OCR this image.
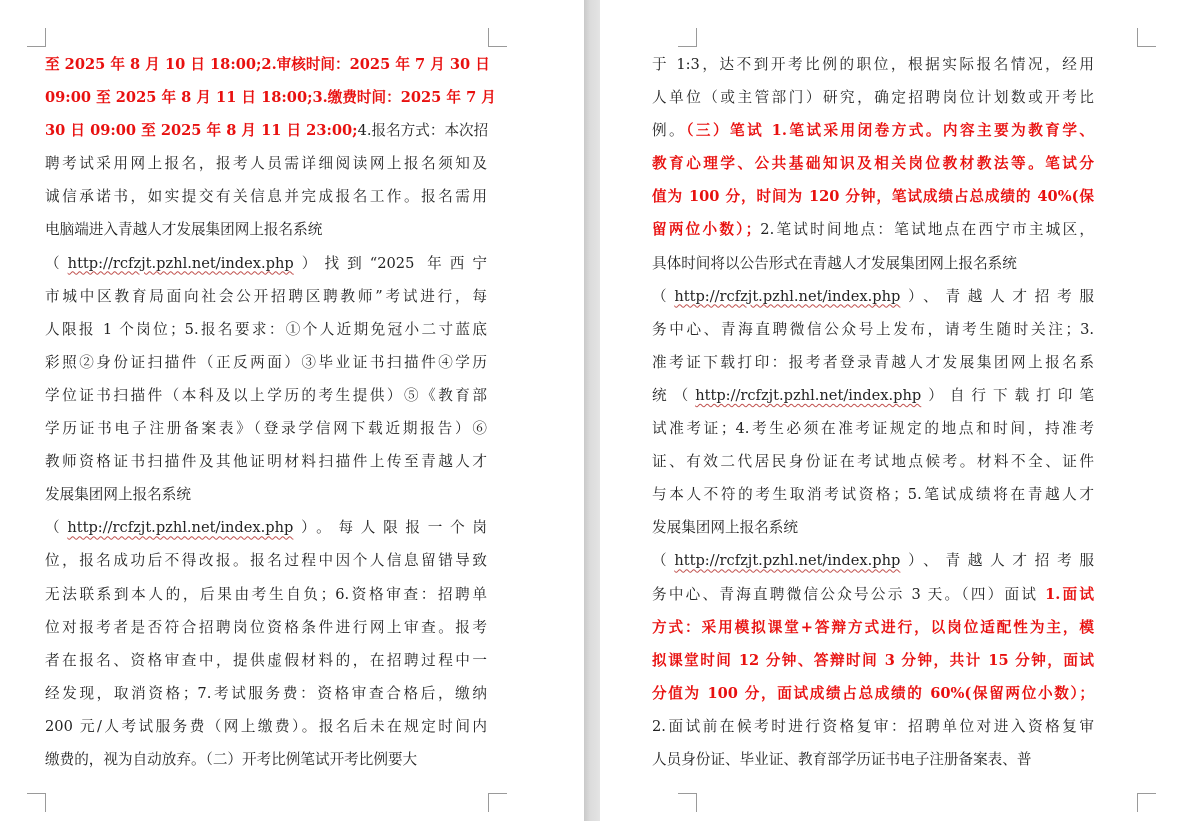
至 2025 年 8 月 10 日 18:00;2.审核时间：2025 年 7 月 30 日
09:00 至 2025 年 8 月 11 日 18:00;3.缴费时间：2025 年 7 月
30 日 09:00 至 2025 年 8 月 11 日 23:00;4.报名方式：本次招
聘考试采用网上报名，报考人员需详细阅读网上报名须知及
诚信承诺书，如实提交有关信息并完成报名工作。报名需用
电脑端进入青越人才发展集团网上报名系统
（http://rcfzjt.pzhl.net/index.php）找到“2025 年西宁
市城中区教育局面向社会公开招聘区聘教师”考试进行，每
人限报 1 个岗位；5.报名要求：①个人近期免冠小二寸蓝底
彩照②身份证扫描件（正反两面）③毕业证书扫描件④学历
学位证书扫描件（本科及以上学历的考生提供）⑤《教育部
学历证书电子注册备案表》（登录学信网下载近期报告）⑥
教师资格证书扫描件及其他证明材料扫描件上传至青越人才
发展集团网上报名系统
（http://rcfzjt.pzhl.net/index.php）。每人限报一个岗
位，报名成功后不得改报。报名过程中因个人信息留错导致
无法联系到本人的，后果由考生自负；6.资格审查：招聘单
位对报考者是否符合招聘岗位资格条件进行网上审查。报考
者在报名、资格审查中，提供虚假材料的，在招聘过程中一
经发现，取消资格；7.考试服务费：资格审查合格后，缴纳
200 元/人考试服务费（网上缴费）。报名后未在规定时间内
缴费的，视为自动放弃。（二）开考比例笔试开考比例要大
于 1:3，达不到开考比例的职位，根据实际报名情况，经用
人单位（或主管部门）研究，确定招聘岗位计划数或开考比
例。（三）笔试 1.笔试采用闭卷方式。内容主要为教育学、
教育心理学、公共基础知识及相关岗位教材教法等。笔试分
值为 100 分，时间为 120 分钟，笔试成绩占总成绩的 40%(保
留两位小数）；2.笔试时间地点：笔试地点在西宁市主城区，
具体时间将以公告形式在青越人才发展集团网上报名系统
（http://rcfzjt.pzhl.net/index.php）、青越人才招考服
务中心、青海直聘微信公众号上发布，请考生随时关注；3.
准考证下载打印：报考者登录青越人才发展集团网上报名系
统（http://rcfzjt.pzhl.net/index.php）自行下载打印笔
试准考证；4.考生必须在准考证规定的地点和时间，持准考
证、有效二代居民身份证在考试地点候考。材料不全、证件
与本人不符的考生取消考试资格；5.笔试成绩将在青越人才
发展集团网上报名系统
（http://rcfzjt.pzhl.net/index.php）、青越人才招考服
务中心、青海直聘微信公众号公示 3 天。（四）面试 1.面试
方式：采用模拟课堂+答辩方式进行，以岗位适配性为主，模
拟课堂时间 12 分钟、答辩时间 3 分钟，共计 15 分钟，面试
分值为 100 分，面试成绩占总成绩的 60%(保留两位小数）；
2.面试前在候考时进行资格复审：招聘单位对进入资格复审
人员身份证、毕业证、教育部学历证书电子注册备案表、普
